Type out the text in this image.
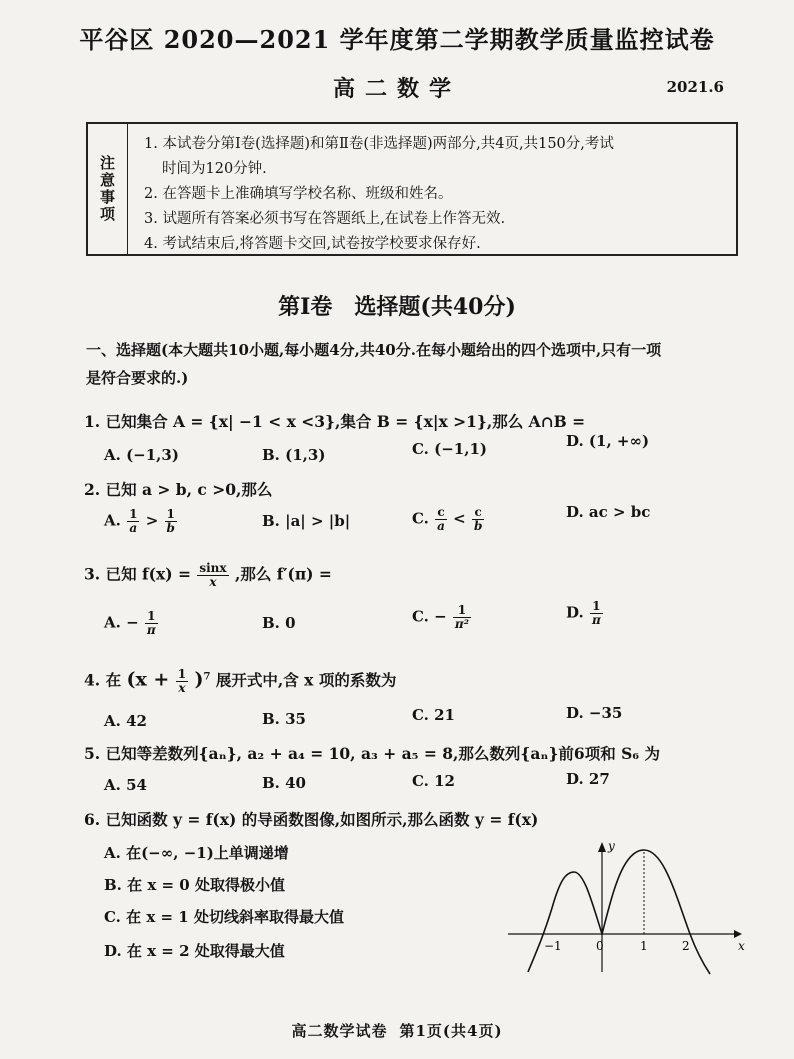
平谷区 2020—2021 学年度第二学期教学质量监控试卷
高二数学	2021.6
注意事项
1. 本试卷分第Ⅰ卷(选择题)和第Ⅱ卷(非选择题)两部分,共4页,共150分,考试
时间为120分钟.
2. 在答题卡上准确填写学校名称、班级和姓名。
3. 试题所有答案必须书写在答题纸上,在试卷上作答无效.
4. 考试结束后,将答题卡交回,试卷按学校要求保存好.
第Ⅰ卷　选择题(共40分)
一、选择题(本大题共10小题,每小题4分,共40分.在每小题给出的四个选项中,只有一项
是符合要求的.)
1. 已知集合 A = {x| −1 < x <3},集合 B = {x|x >1},那么 A∩B =
A. (−1,3)	B. (1,3)	C. (−1,1)	D. (1, +∞)
2. 已知 a > b, c >0,那么
A. $\frac{1}{a} > \frac{1}{b}$	B. |a| > |b|	C. $\frac{c}{a} < \frac{c}{b}$	D. ac > bc
3. 已知 $f(x) = \frac{\sin x}{x}$ ,那么 f′(π) =
A. − $\frac{1}{\pi}$	B. 0	C. − $\frac{1}{\text{π²}}$	D. $\frac{1}{\pi}$
4. 在 $(x + \frac{1}{x} )^7$ 展开式中,含 x 项的系数为
A. 42	B. 35	C. 21	D. −35
5. 已知等差数列{aₙ}, a₂ + a₄ = 10, a₃ + a₅ = 8,那么数列{aₙ}前6项和 S₆ 为
A. 54	B. 40	C. 12	D. 27
6. 已知函数 y = f(x) 的导函数图像,如图所示,那么函数 y = f(x)
A. 在(−∞, −1)上单调递增
B. 在 x = 0 处取得极小值
C. 在 x = 1 处切线斜率取得最大值
D. 在 x = 2 处取得最大值
y
x
−1	0	1	2
高二数学试卷 第1页(共4页)
